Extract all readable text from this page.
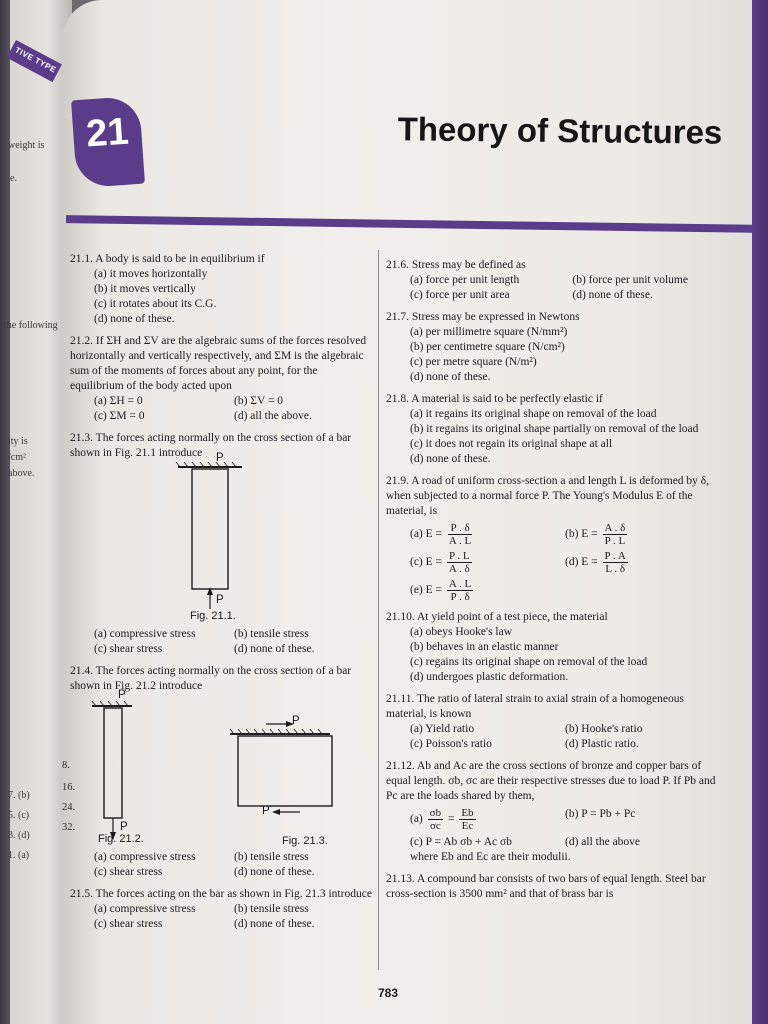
TIVE TYPE
weight is
e.
the following
ity is
/cm²
above.
7. (b)
5. (c)
3. (d)
1. (a)
21	Theory of Structures
8.
16.
24.
32.
21.1. A body is said to be in equilibrium if
(a) it moves horizontally
(b) it moves vertically
(c) it rotates about its C.G.
(d) none of these.
21.2. If ΣH and ΣV are the algebraic sums of the forces resolved horizontally and vertically respectively, and ΣM is the algebraic sum of the moments of forces about any point, for the equilibrium of the body acted upon
(a) ΣH = 0	(b) ΣV = 0
(c) ΣM = 0	(d) all the above.
21.3. The forces acting normally on the cross section of a bar shown in Fig. 21.1 introduce	P
P
Fig. 21.1.
(a) compressive stress	(b) tensile stress
(c) shear stress	(d) none of these.
21.4. The forces acting normally on the cross section of a bar shown in Fig. 21.2 introduce
P
P
P
P
Fig. 21.2.	Fig. 21.3.
(a) compressive stress	(b) tensile stress
(c) shear stress	(d) none of these.
21.5. The forces acting on the bar as shown in Fig. 21.3 introduce
(a) compressive stress	(b) tensile stress
(c) shear stress	(d) none of these.
21.6. Stress may be defined as
(a) force per unit length	(b) force per unit volume
(c) force per unit area	(d) none of these.
21.7. Stress may be expressed in Newtons
(a) per millimetre square (N/mm²)
(b) per centimetre square (N/cm²)
(c) per metre square (N/m²)
(d) none of these.
21.8. A material is said to be perfectly elastic if
(a) it regains its original shape on removal of the load
(b) it regains its original shape partially on removal of the load
(c) it does not regain its original shape at all
(d) none of these.
21.9. A road of uniform cross-section a and length L is deformed by δ, when subjected to a normal force P. The Young's Modulus E of the material, is
(a) $E = \frac{P . \delta}{A . L}$	(b) $E = \frac{A . \delta}{P . L}$
(c) $E = \frac{P . L}{A . \delta}$	(d) $E = \frac{P . A}{L . \delta}$
(e) $E = \frac{A . L}{P . \delta}$
21.10. At yield point of a test piece, the material
(a) obeys Hooke's law
(b) behaves in an elastic manner
(c) regains its original shape on removal of the load
(d) undergoes plastic deformation.
21.11. The ratio of lateral strain to axial strain of a homogeneous material, is known
(a) Yield ratio	(b) Hooke's ratio
(c) Poisson's ratio	(d) Plastic ratio.
21.12. Ab and Ac are the cross sections of bronze and copper bars of equal length. σb, σc are their respective stresses due to load P. If Pb and Pc are the loads shared by them,
$(a) \frac{\sigma b}{\sigma c} = \frac{Eb}{Ec}$	(b) P = Pb + Pc
(c) P = Ab σb + Ac σb	(d) all the above
where Eb and Ec are their modulii.
21.13. A compound bar consists of two bars of equal length. Steel bar cross-section is 3500 mm² and that of brass bar is
783
